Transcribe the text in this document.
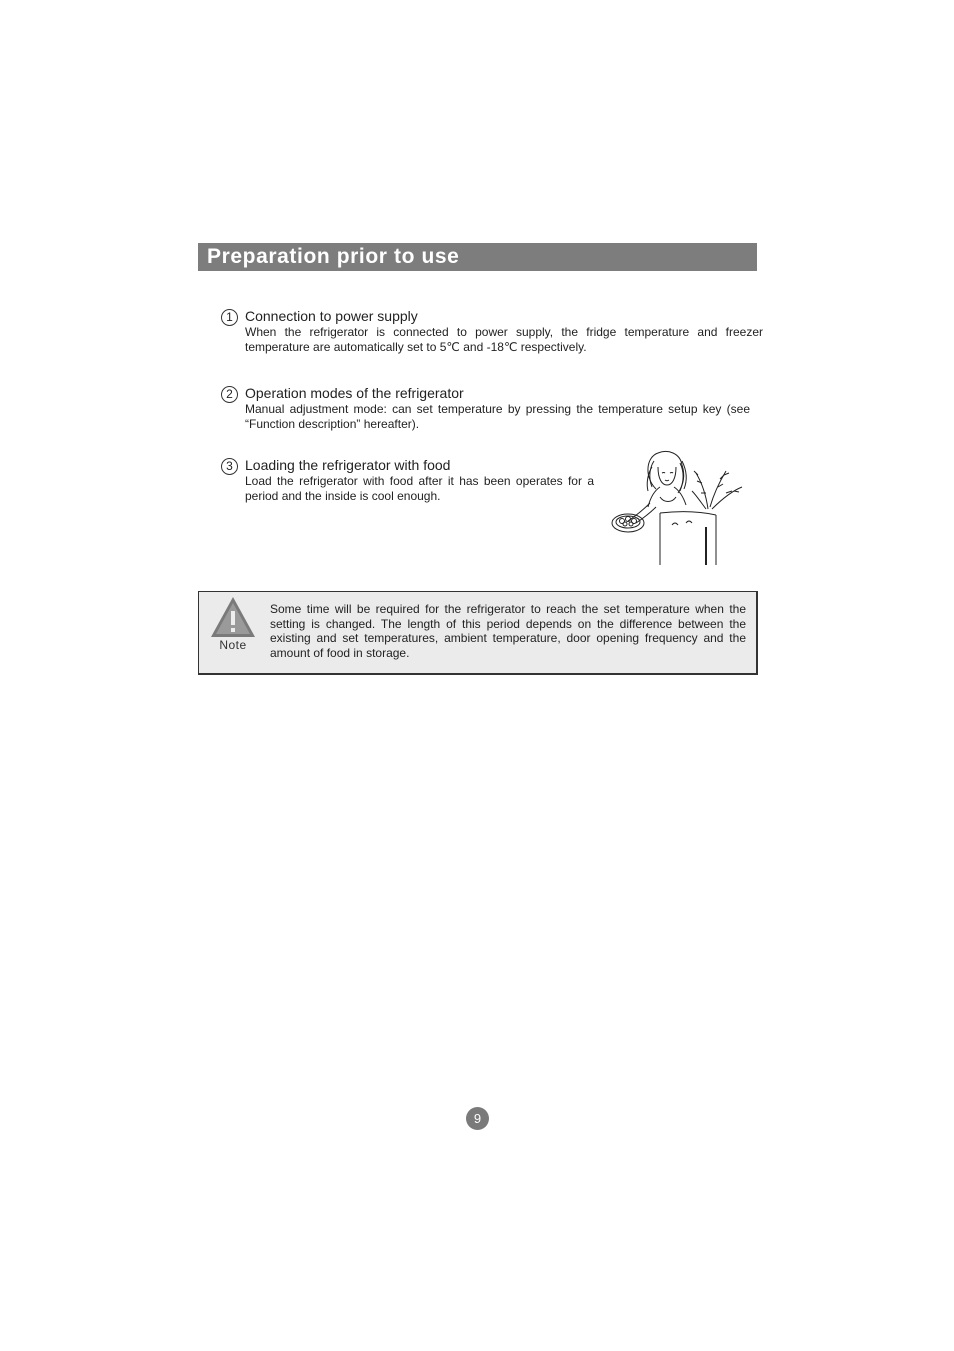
Preparation prior to use
1 Connection to power supply
When the refrigerator is connected to power supply, the fridge temperature and freezer temperature are automatically set to 5℃ and -18℃ respectively.
2 Operation modes of the refrigerator
Manual adjustment mode: can set temperature by pressing the temperature setup key (see “Function description” hereafter).
3 Loading the refrigerator with food
Load the refrigerator with food after it has been operates for a period and the inside is cool enough.
Note
Some time will be required for the refrigerator to reach the set temperature when the setting is changed. The length of this period depends on the difference between the existing and set temperatures, ambient temperature, door opening frequency and the amount of food in storage.
9
